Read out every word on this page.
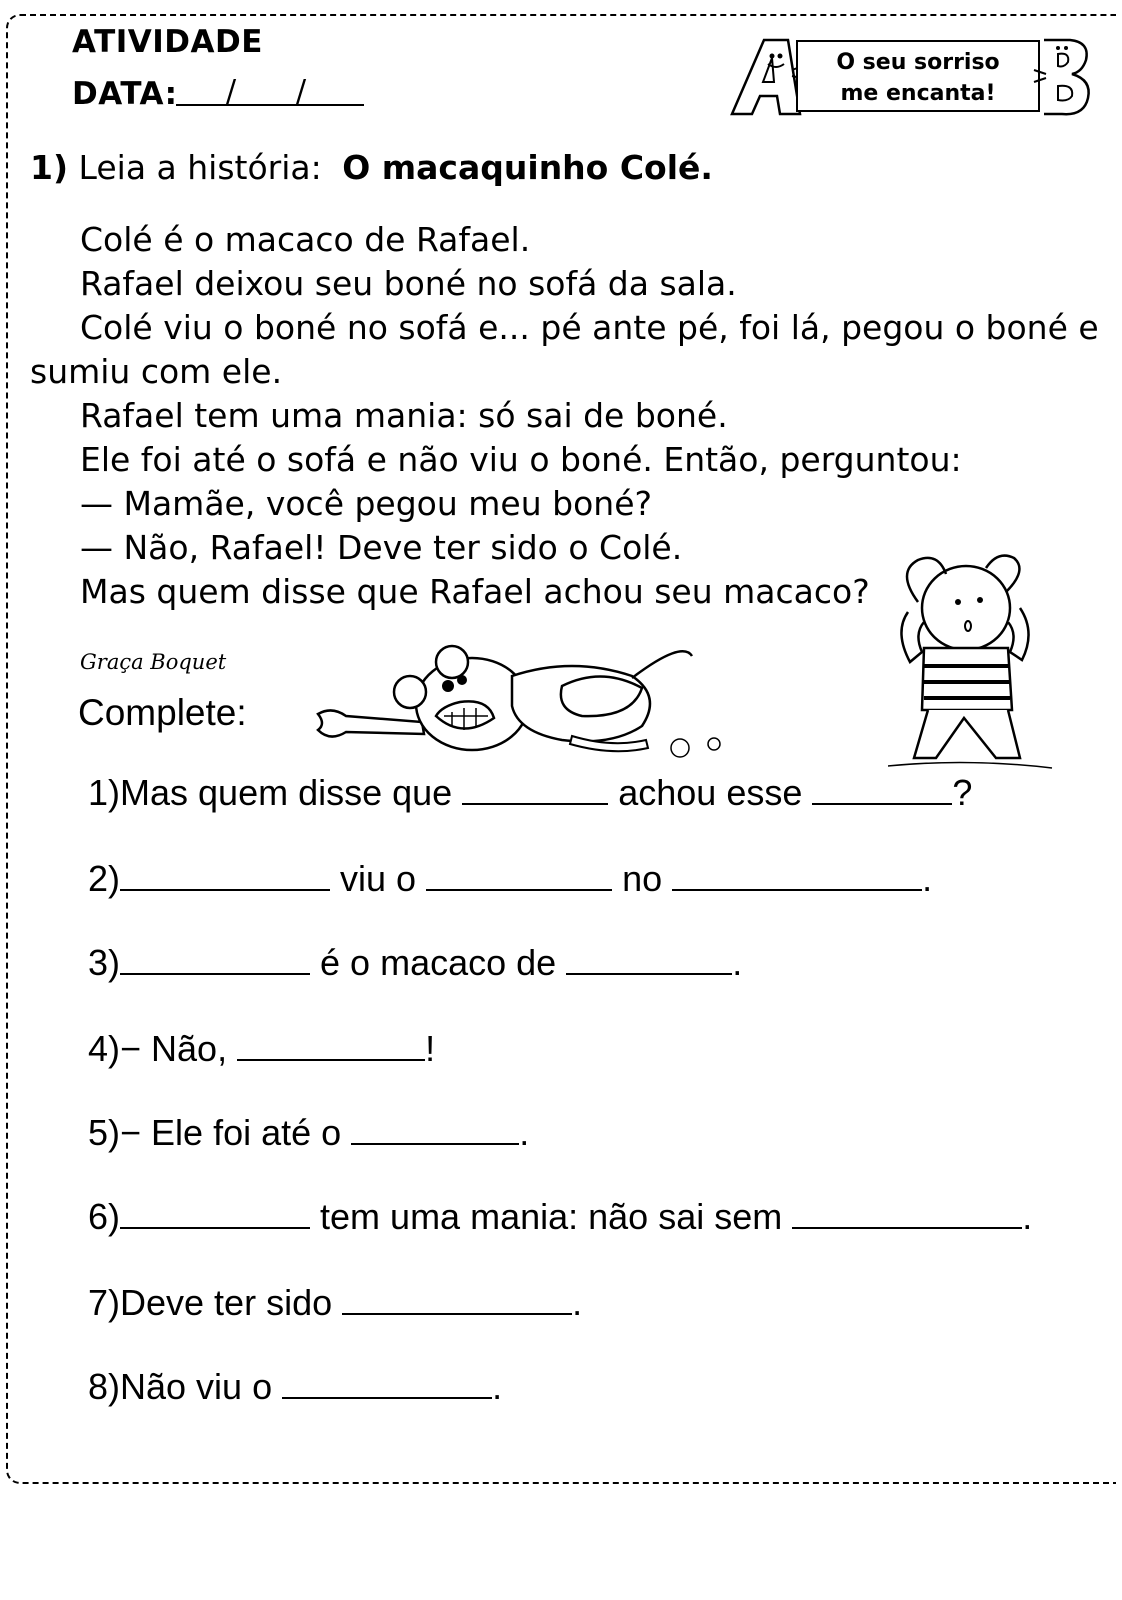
ATIVIDADE
DATA: / /
O seu sorriso
me encanta!
1) Leia a história: O macaquinho Colé.

Colé é o macaco de Rafael.

Rafael deixou seu boné no sofá da sala.

Colé viu o boné no sofá e... pé ante pé, foi lá, pegou o boné e sumiu com ele.

Rafael tem uma mania: só sai de boné.

Ele foi até o sofá e não viu o boné. Então, perguntou:

— Mamãe, você pegou meu boné?

— Não, Rafael! Deve ter sido o Colé.

Mas quem disse que Rafael achou seu macaco?

Graça Boquet
Complete:
1)Mas quem disse que	achou esse	?
2)	viu o	no	.
3)	é o macaco de	.
4)− Não,	!
5)− Ele foi até o	.
6)	tem uma mania: não sai sem	.
7)Deve ter sido	.
8)Não viu o	.
